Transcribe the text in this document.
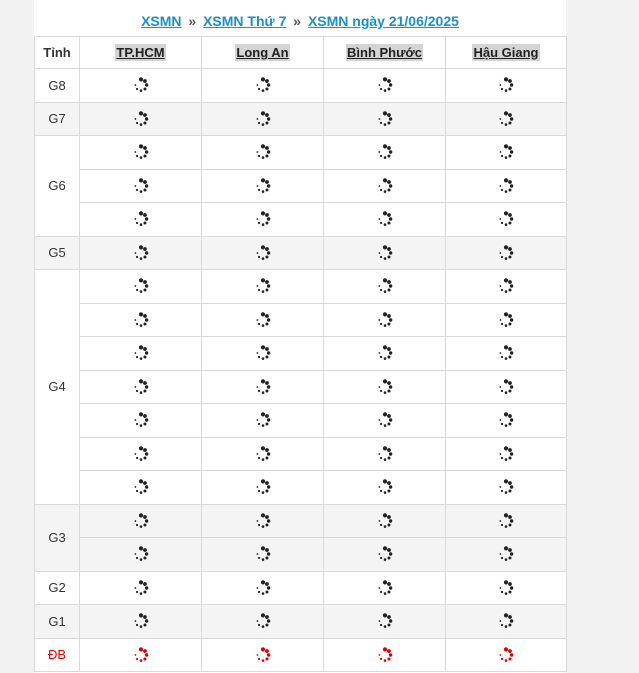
XSMN » XSMN Thứ 7 » XSMN ngày 21/06/2025
Tỉnh	TP.HCM	Long An	Bình Phước	Hậu Giang
G8				
G7				
G6				

G5				
G4				

G3				

G2				
G1				
ĐB				
